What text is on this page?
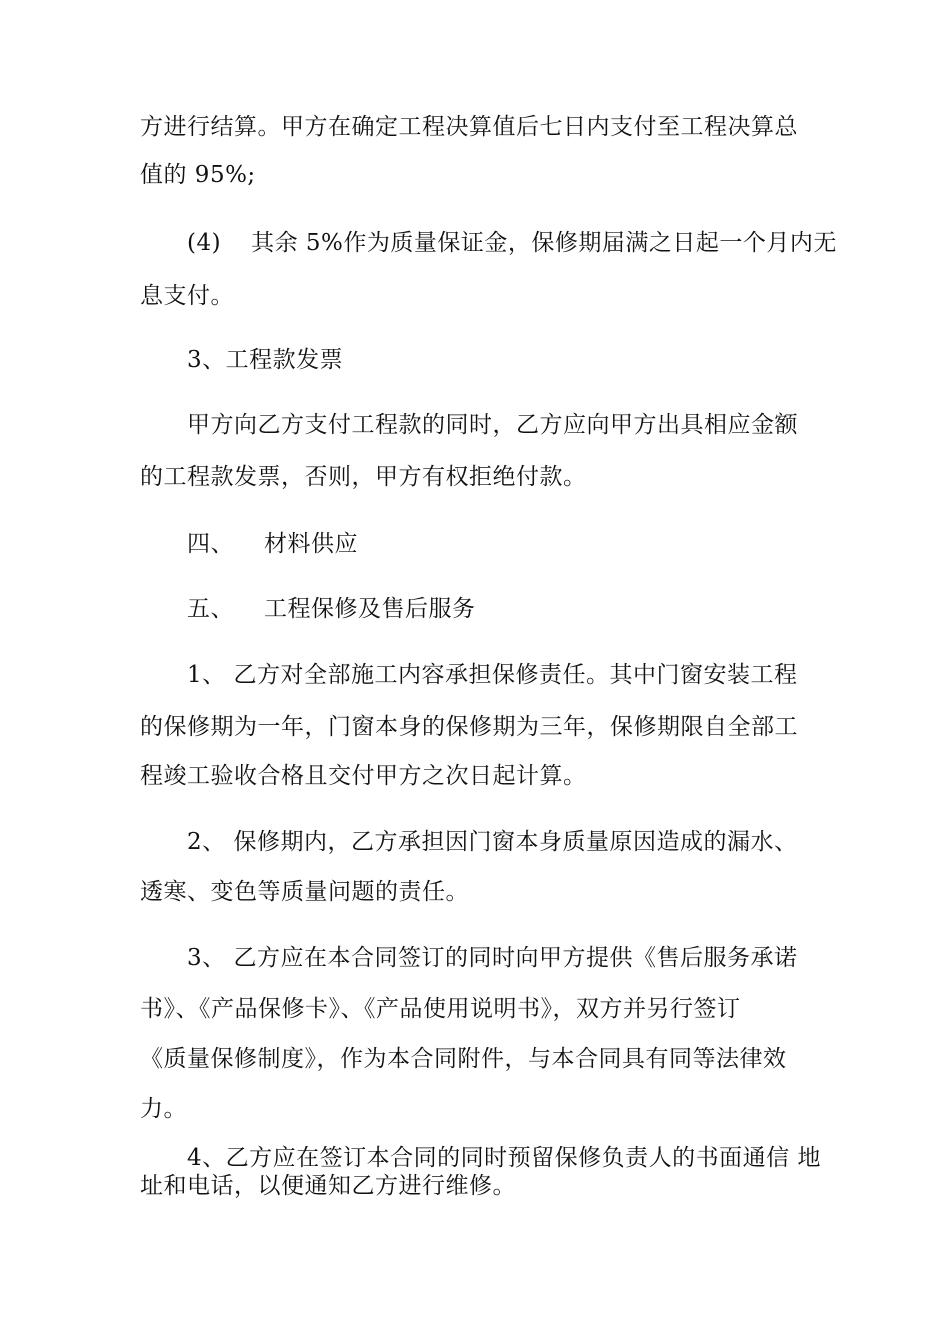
方进行结算。甲方在确定工程决算值后七日内支付至工程决算总
值的 95%;
(4) 其余 5%作为质量保证金，保修期届满之日起一个月内无
息支付。
3、工程款发票
甲方向乙方支付工程款的同时，乙方应向甲方出具相应金额
的工程款发票，否则，甲方有权拒绝付款。
四、 材料供应
五、 工程保修及售后服务
1、 乙方对全部施工内容承担保修责任。其中门窗安装工程
的保修期为一年，门窗本身的保修期为三年，保修期限自全部工
程竣工验收合格且交付甲方之次日起计算。
2、 保修期内，乙方承担因门窗本身质量原因造成的漏水、
透寒、变色等质量问题的责任。
3、 乙方应在本合同签订的同时向甲方提供《售后服务承诺
书》、《产品保修卡》、《产品使用说明书》，双方并另行签订
《质量保修制度》，作为本合同附件，与本合同具有同等法律效
力。
4、乙方应在签订本合同的同时预留保修负责人的书面通信 地
址和电话，以便通知乙方进行维修。
